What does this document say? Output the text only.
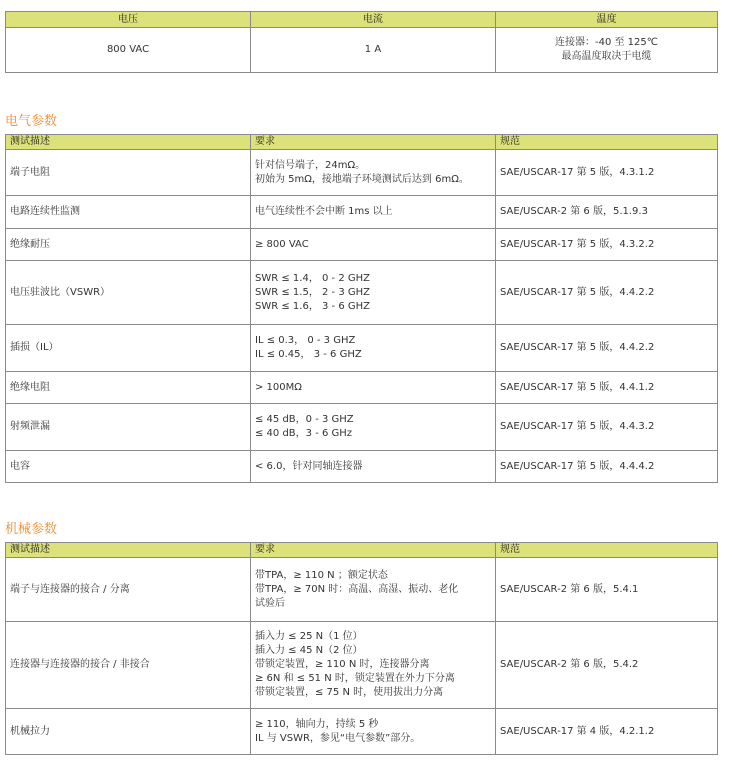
电压	电流	温度
800 VAC	1 A	连接器：-40 至 125℃
最高温度取决于电缆
电气参数
测试描述	要求	规范
端子电阻	针对信号端子，24mΩ。
初始为 5mΩ，接地端子环境测试后达到 6mΩ。	SAE/USCAR-17 第 5 版，4.3.1.2
电路连续性监测	电气连续性不会中断 1ms 以上	SAE/USCAR-2 第 6 版，5.1.9.3
绝缘耐压	≥ 800 VAC	SAE/USCAR-17 第 5 版，4.3.2.2
电压驻波比（VSWR）	SWR ≤ 1.4， 0 - 2 GHZ
SWR ≤ 1.5， 2 - 3 GHZ
SWR ≤ 1.6， 3 - 6 GHZ	SAE/USCAR-17 第 5 版，4.4.2.2
插损（IL）	IL ≤ 0.3， 0 - 3 GHZ
IL ≤ 0.45， 3 - 6 GHZ	SAE/USCAR-17 第 5 版，4.4.2.2
绝缘电阻	> 100MΩ	SAE/USCAR-17 第 5 版，4.4.1.2
射频泄漏	≤ 45 dB，0 - 3 GHZ
≤ 40 dB，3 - 6 GHz	SAE/USCAR-17 第 5 版，4.4.3.2
电容	< 6.0，针对同轴连接器	SAE/USCAR-17 第 5 版，4.4.4.2
机械参数
测试描述	要求	规范
端子与连接器的接合 / 分离	带TPA，≥ 110 N ；额定状态
带TPA，≥ 70N 时：高温、高湿、振动、老化
试验后	SAE/USCAR-2 第 6 版，5.4.1
连接器与连接器的接合 / 非接合	插入力 ≤ 25 N（1 位）
插入力 ≤ 45 N（2 位）
带锁定装置，≥ 110 N 时，连接器分离
≥ 6N 和 ≤ 51 N 时，锁定装置在外力下分离
带锁定装置，≤ 75 N 时，使用拔出力分离	SAE/USCAR-2 第 6 版，5.4.2
机械拉力	≥ 110，轴向力，持续 5 秒
IL 与 VSWR，参见“电气参数”部分。	SAE/USCAR-17 第 4 版，4.2.1.2
